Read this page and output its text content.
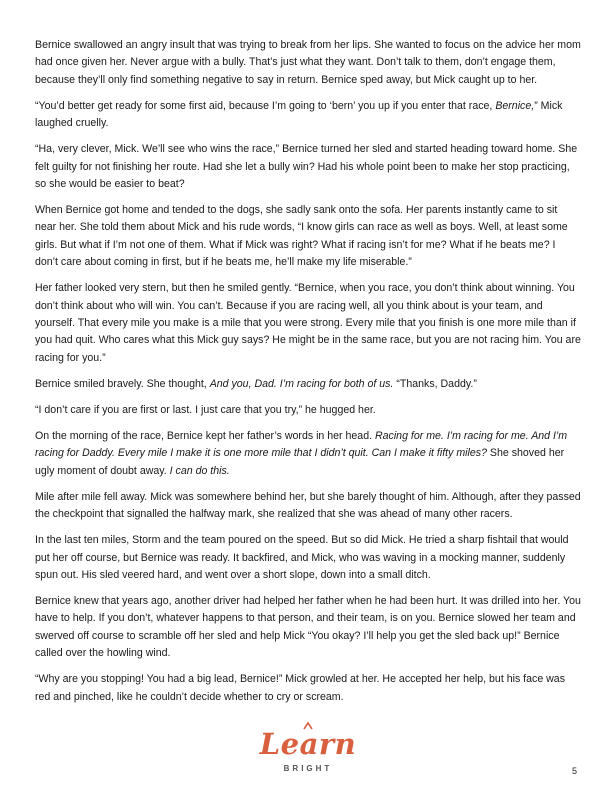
Bernice swallowed an angry insult that was trying to break from her lips. She wanted to focus on the advice her mom had once given her. Never argue with a bully. That’s just what they want. Don’t talk to them, don’t engage them, because they’ll only find something negative to say in return. Bernice sped away, but Mick caught up to her.

“You’d better get ready for some first aid, because I’m going to ‘bern’ you up if you enter that race, Bernice,” Mick laughed cruelly.

“Ha, very clever, Mick. We’ll see who wins the race,” Bernice turned her sled and started heading toward home. She felt guilty for not finishing her route. Had she let a bully win? Had his whole point been to make her stop practicing, so she would be easier to beat?

When Bernice got home and tended to the dogs, she sadly sank onto the sofa. Her parents instantly came to sit near her. She told them about Mick and his rude words, “I know girls can race as well as boys. Well, at least some girls. But what if I’m not one of them. What if Mick was right? What if racing isn’t for me? What if he beats me? I don’t care about coming in first, but if he beats me, he’ll make my life miserable.”

Her father looked very stern, but then he smiled gently. “Bernice, when you race, you don’t think about winning. You don’t think about who will win. You can’t. Because if you are racing well, all you think about is your team, and yourself. That every mile you make is a mile that you were strong. Every mile that you finish is one more mile than if you had quit. Who cares what this Mick guy says? He might be in the same race, but you are not racing him. You are racing for you.”

Bernice smiled bravely. She thought, And you, Dad. I’m racing for both of us. “Thanks, Daddy.”

“I don’t care if you are first or last. I just care that you try,” he hugged her.

On the morning of the race, Bernice kept her father’s words in her head. Racing for me. I’m racing for me. And I’m racing for Daddy. Every mile I make it is one more mile that I didn’t quit. Can I make it fifty miles? She shoved her ugly moment of doubt away. I can do this.

Mile after mile fell away. Mick was somewhere behind her, but she barely thought of him. Although, after they passed the checkpoint that signalled the halfway mark, she realized that she was ahead of many other racers.

In the last ten miles, Storm and the team poured on the speed. But so did Mick. He tried a sharp fishtail that would put her off course, but Bernice was ready. It backfired, and Mick, who was waving in a mocking manner, suddenly spun out. His sled veered hard, and went over a short slope, down into a small ditch.

Bernice knew that years ago, another driver had helped her father when he had been hurt. It was drilled into her. You have to help. If you don’t, whatever happens to that person, and their team, is on you. Bernice slowed her team and swerved off course to scramble off her sled and help Mick “You okay? I’ll help you get the sled back up!” Bernice called over the howling wind.

“Why are you stopping! You had a big lead, Bernice!” Mick growled at her. He accepted her help, but his face was red and pinched, like he couldn’t decide whether to cry or scream.

Learn
BRIGHT	5
